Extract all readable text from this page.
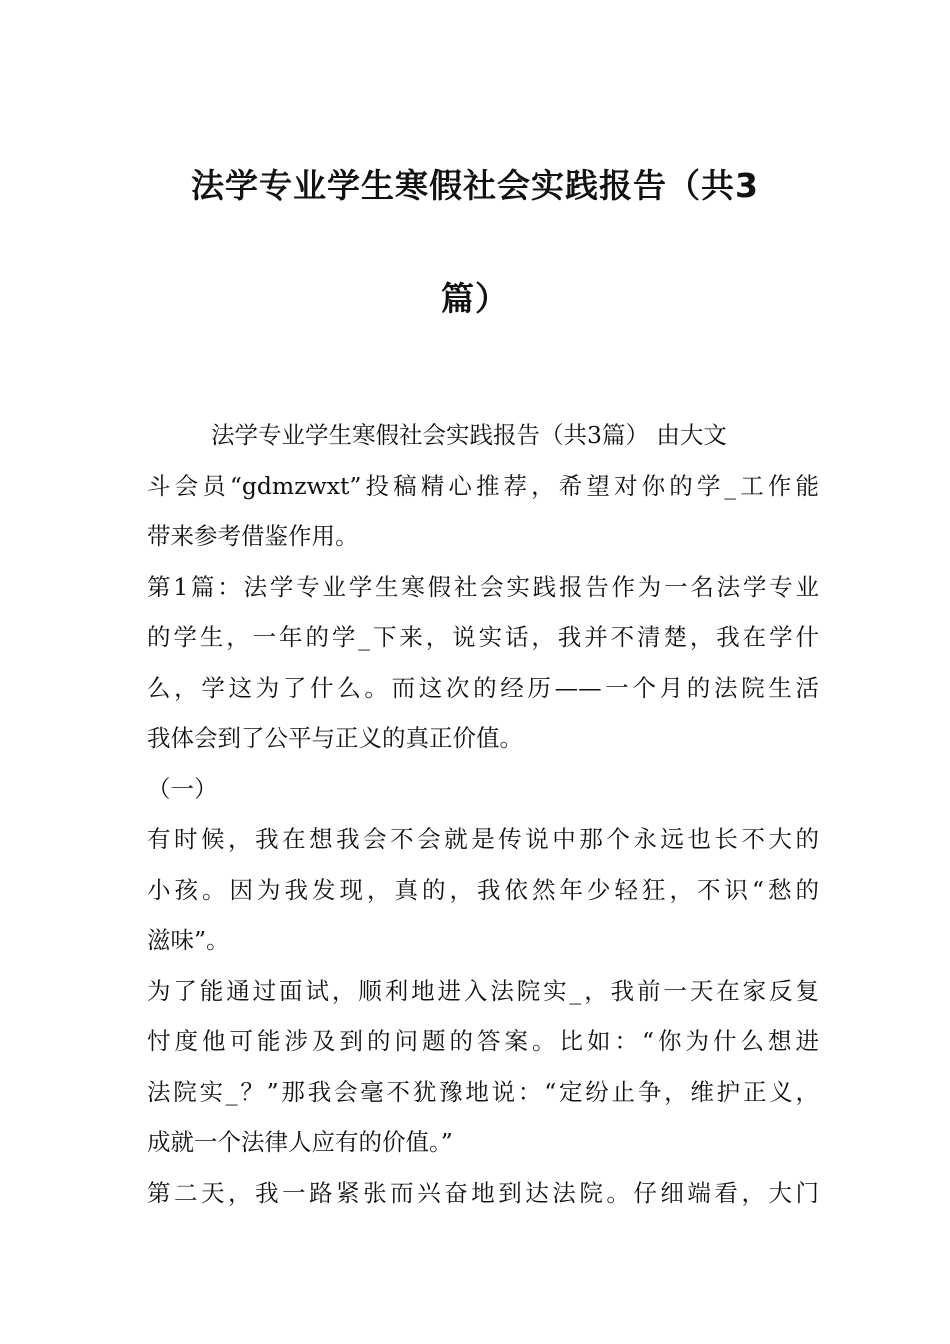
法学专业学生寒假社会实践报告（共3
篇）
法学专业学生寒假社会实践报告（共3篇） 由大文
斗会员“gdmzwxt”投稿精心推荐，希望对你的学_工作能
带来参考借鉴作用。
第1篇：法学专业学生寒假社会实践报告作为一名法学专业
的学生，一年的学_下来，说实话，我并不清楚，我在学什
么，学这为了什么。而这次的经历——一个月的法院生活
我体会到了公平与正义的真正价值。
（一）
有时候，我在想我会不会就是传说中那个永远也长不大的
小孩。因为我发现，真的，我依然年少轻狂，不识“愁的
滋味”。
为了能通过面试，顺利地进入法院实_，我前一天在家反复
忖度他可能涉及到的问题的答案。比如：“你为什么想进
法院实_？”那我会毫不犹豫地说：“定纷止争，维护正义，
成就一个法律人应有的价值。”
第二天，我一路紧张而兴奋地到达法院。仔细端看，大门
